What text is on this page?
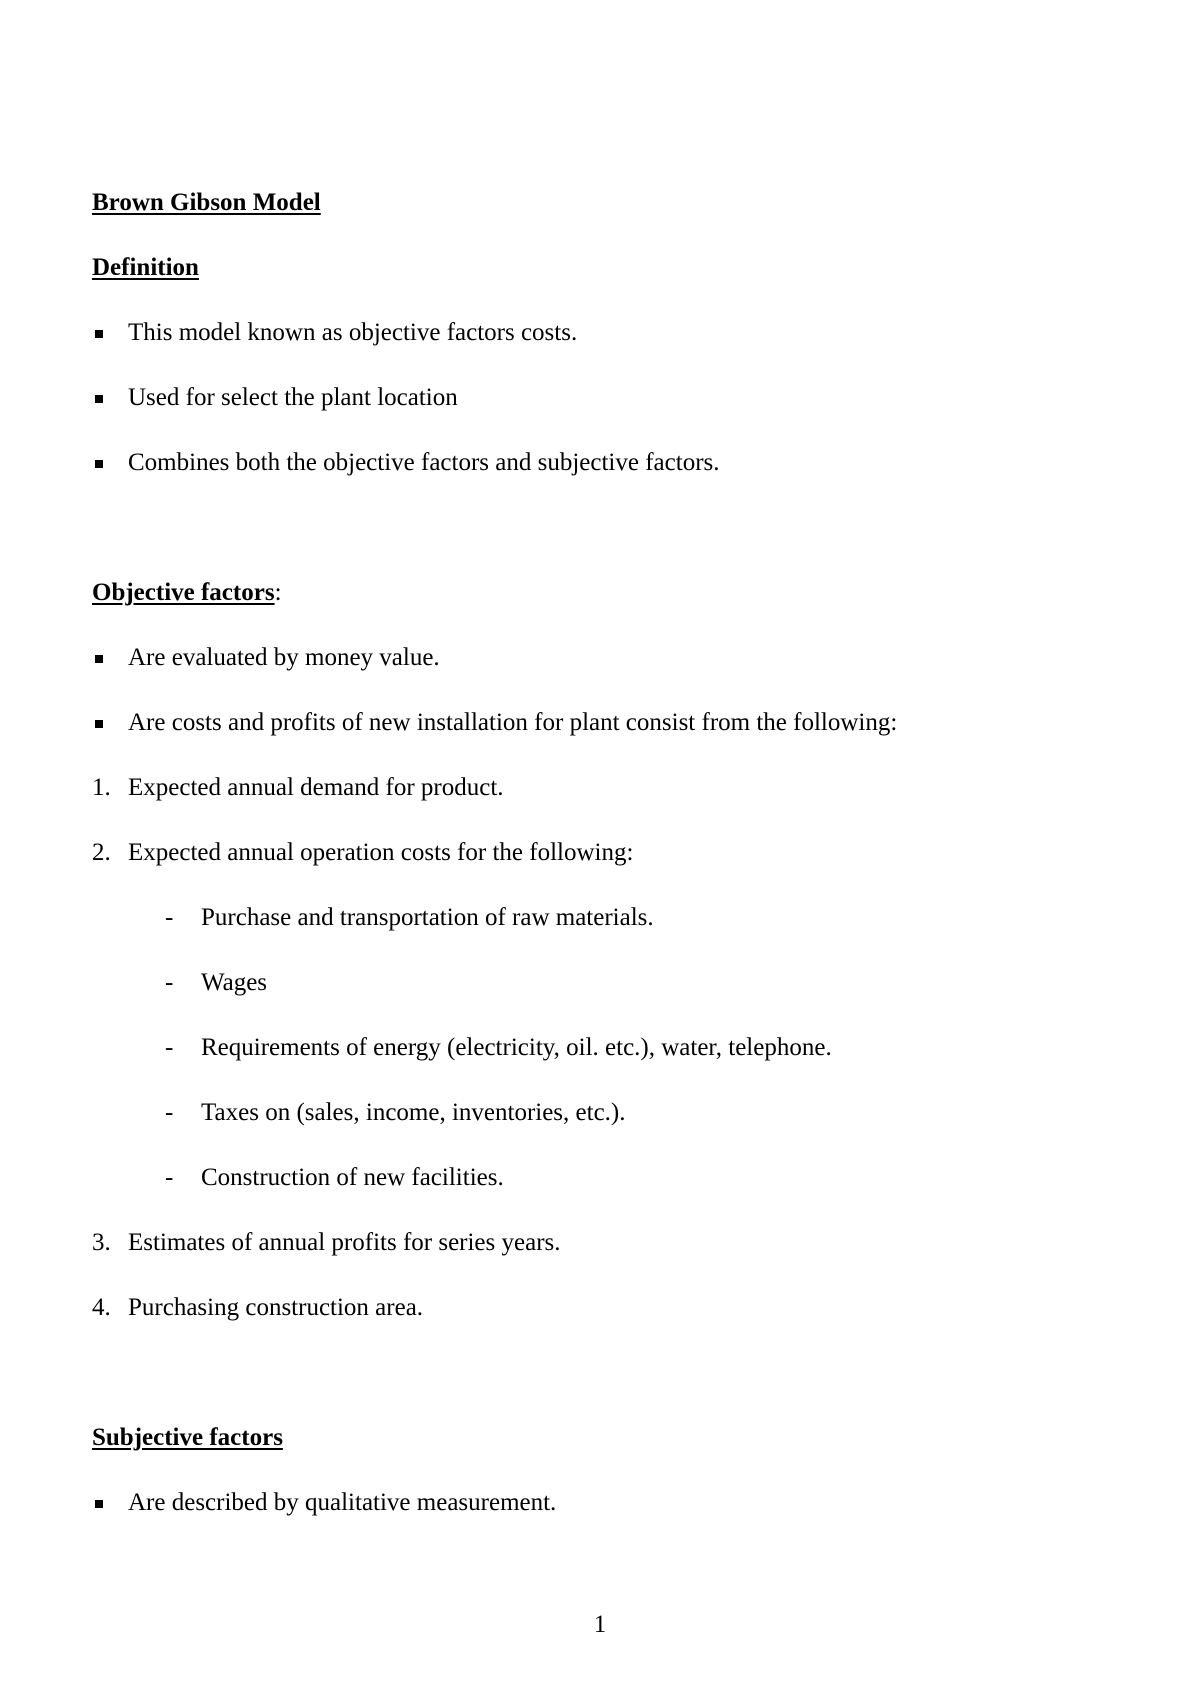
Brown Gibson Model
Definition
This model known as objective factors costs.
Used for select the plant location
Combines both the objective factors and subjective factors.
Objective factors:
Are evaluated by money value.
Are costs and profits of new installation for plant consist from the following:
1. Expected annual demand for product.
2. Expected annual operation costs for the following:
- Purchase and transportation of raw materials.
- Wages
- Requirements of energy (electricity, oil. etc.), water, telephone.
- Taxes on (sales, income, inventories, etc.).
- Construction of new facilities.
3. Estimates of annual profits for series years.
4. Purchasing construction area.
Subjective factors
Are described by qualitative measurement.
1
